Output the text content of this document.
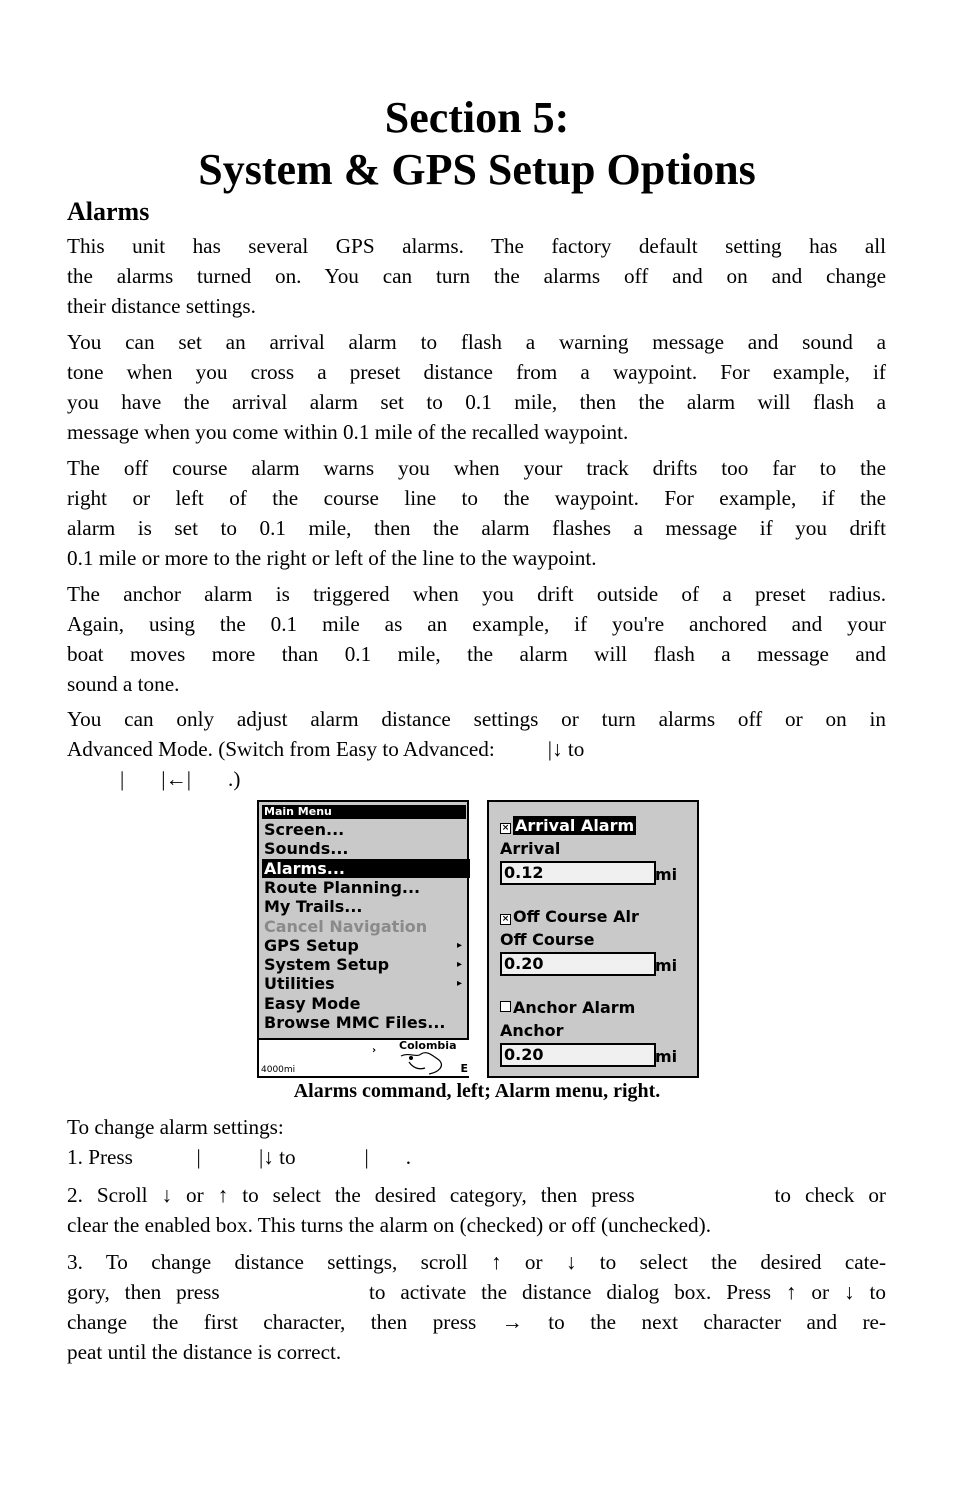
Section 5:
System & GPS Setup Options
Alarms
This unit has several GPS alarms. The factory default setting has all
the alarms turned on. You can turn the alarms off and on and change
their distance settings.
You can set an arrival alarm to flash a warning message and sound a
tone when you cross a preset distance from a waypoint. For example, if
you have the arrival alarm set to 0.1 mile, then the alarm will flash a
message when you come within 0.1 mile of the recalled waypoint.
The off course alarm warns you when your track drifts too far to the
right or left of the course line to the waypoint. For example, if the
alarm is set to 0.1 mile, then the alarm flashes a message if you drift
0.1 mile or more to the right or left of the line to the waypoint.
The anchor alarm is triggered when you drift outside of a preset radius.
Again, using the 0.1 mile as an example, if you're anchored and your
boat moves more than 0.1 mile, the alarm will flash a message and
sound a tone.
You can only adjust alarm distance settings or turn alarms off or on in
Advanced Mode. (Switch from Easy to Advanced:          |↓ to
|       |←|       .)
Main Menu
Screen...
Sounds...
Alarms...
Route Planning...
My Trails...
Cancel Navigation
GPS Setup	▸
System Setup	▸
Utilities	▸
Easy Mode
Browse MMC Files...
4000mi
› Colombia
E
× Arrival Alarm
Arrival
0.12	mi
× Off Course Alr
Off Course
0.20	mi
Anchor Alarm
Anchor
0.20	mi
Alarms command, left; Alarm menu, right.
To change alarm settings:
1. Press            |           |↓ to             |       .
2. Scroll ↓ or ↑ to select the desired category, then press          to check or
clear the enabled box. This turns the alarm on (checked) or off (unchecked).
3. To change distance settings, scroll ↑ or ↓ to select the desired cate-
gory, then press          to activate the distance dialog box. Press ↑ or ↓ to
change the first character, then press → to the next character and re-
peat until the distance is correct.
